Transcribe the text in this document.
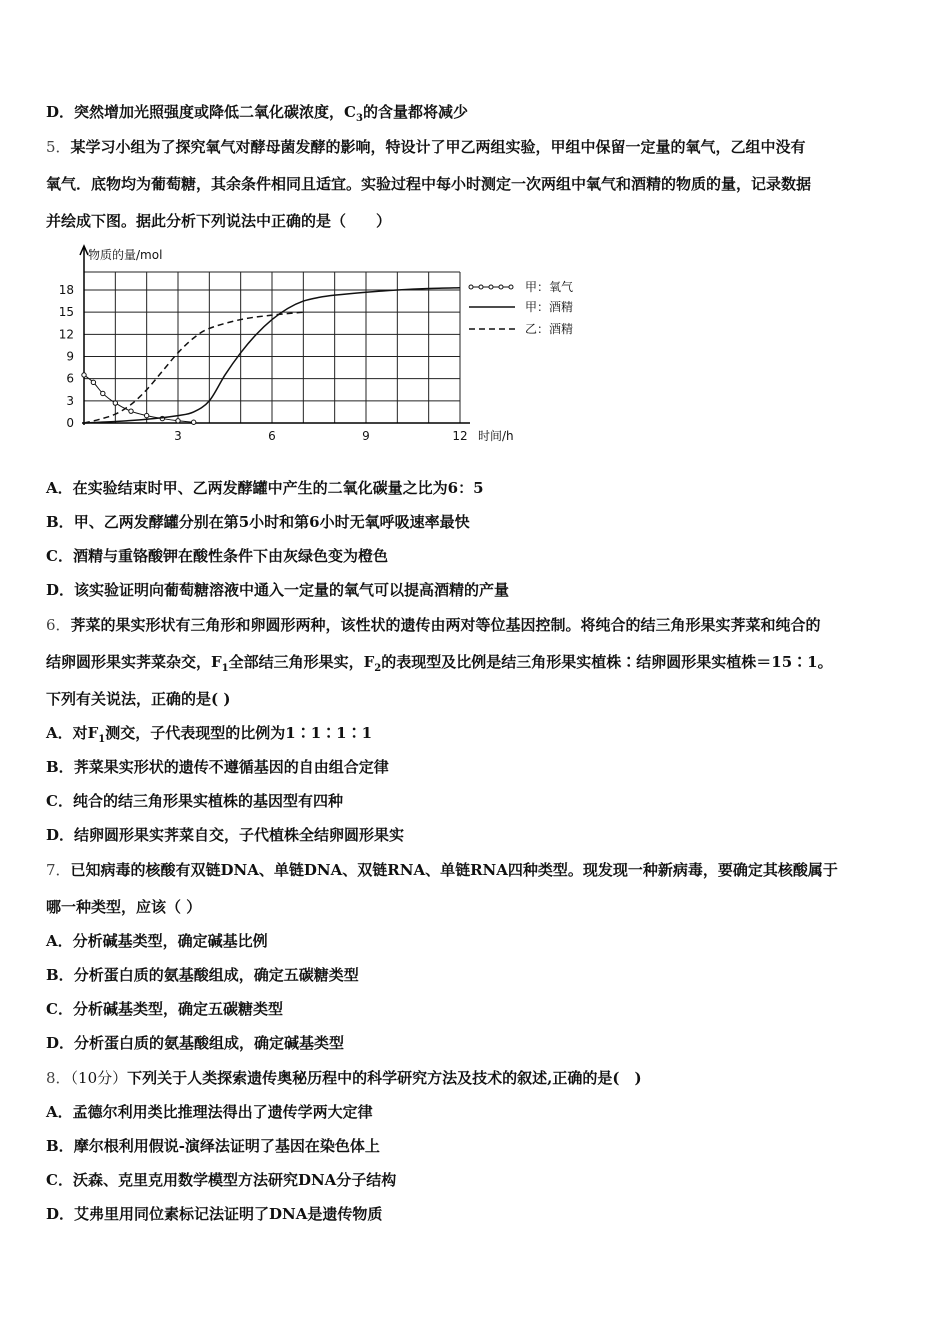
D．突然增加光照强度或降低二氧化碳浓度，$C_3$的含量都将减少
5．某学习小组为了探究氧气对酵母菌发酵的影响，特设计了甲乙两组实验，甲组中保留一定量的氧气，乙组中没有
氧气．底物均为葡萄糖，其余条件相同且适宜。实验过程中每小时测定一次两组中氧气和酒精的物质的量，记录数据
并绘成下图。据此分析下列说法中正确的是（　　）
0
3
6
9
12
15
18
3	6	9	12
物质的量/mol
时间/h
甲：氧气
甲：酒精
乙：酒精
A．在实验结束时甲、乙两发酵罐中产生的二氧化碳量之比为6：5
B．甲、乙两发酵罐分别在第5小时和第6小时无氧呼吸速率最快
C．酒精与重铬酸钾在酸性条件下由灰绿色变为橙色
D．该实验证明向葡萄糖溶液中通入一定量的氧气可以提高酒精的产量
6．荠菜的果实形状有三角形和卵圆形两种，该性状的遗传由两对等位基因控制。将纯合的结三角形果实荠菜和纯合的
结卵圆形果实荠菜杂交，$F_1$全部结三角形果实，$F_2$的表现型及比例是结三角形果实植株∶结卵圆形果实植株＝15∶1。
下列有关说法，正确的是( )
A．对$F_1$测交，子代表现型的比例为1∶1∶1∶1
B．荠菜果实形状的遗传不遵循基因的自由组合定律
C．纯合的结三角形果实植株的基因型有四种
D．结卵圆形果实荠菜自交，子代植株全结卵圆形果实
7．已知病毒的核酸有双链DNA、单链DNA、双链RNA、单链RNA四种类型。现发现一种新病毒，要确定其核酸属于
哪一种类型，应该（ ）
A．分析碱基类型，确定碱基比例
B．分析蛋白质的氨基酸组成，确定五碳糖类型
C．分析碱基类型，确定五碳糖类型
D．分析蛋白质的氨基酸组成，确定碱基类型
8．（10分）下列关于人类探索遗传奥秘历程中的科学研究方法及技术的叙述,正确的是(　)
A．孟德尔利用类比推理法得出了遗传学两大定律
B．摩尔根利用假说-演绎法证明了基因在染色体上
C．沃森、克里克用数学模型方法研究DNA分子结构
D．艾弗里用同位素标记法证明了DNA是遗传物质
